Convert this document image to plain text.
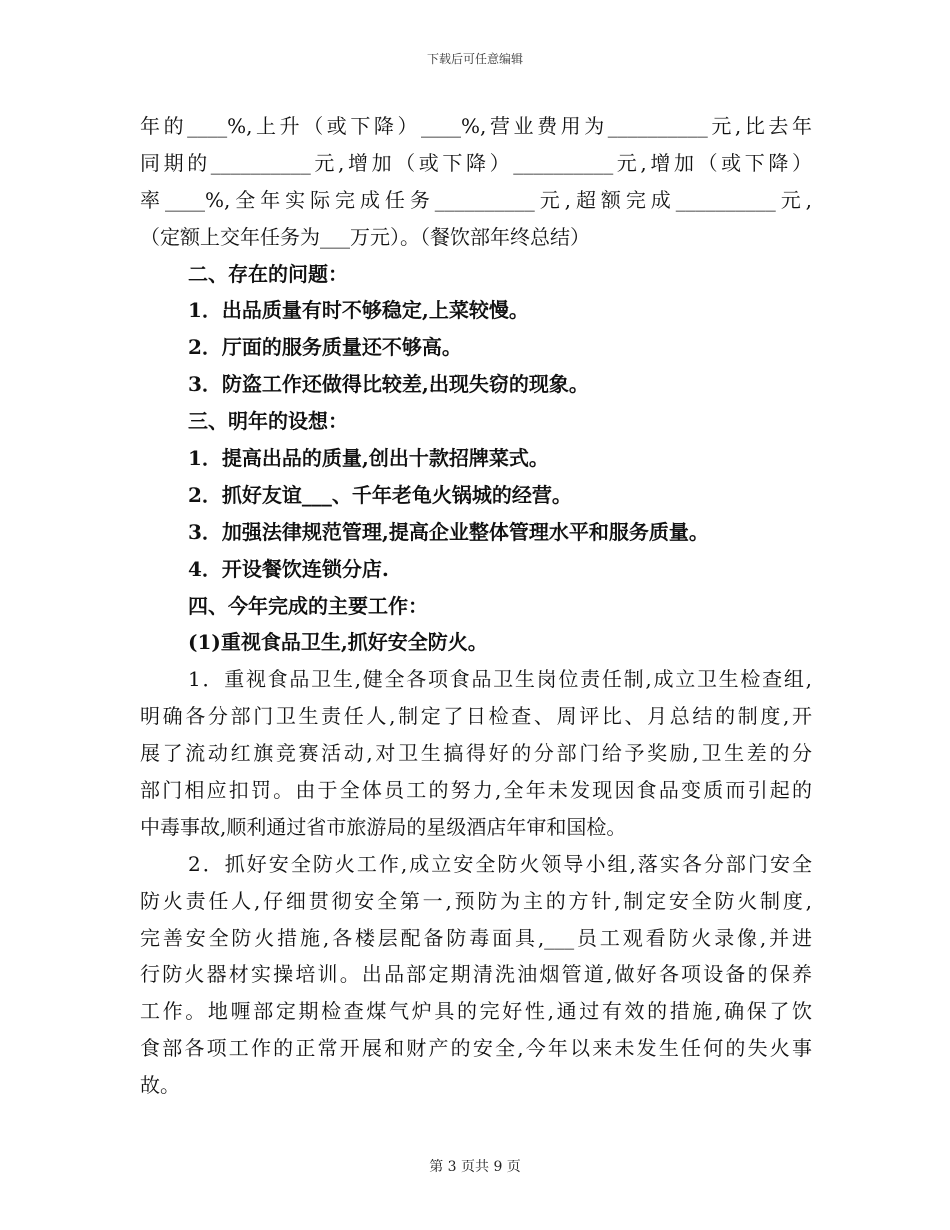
下载后可任意编辑
年的____%,上升（或下降）____%,营业费用为__________元,比去年
同期的__________元,增加（或下降）__________元,增加（或下降）
率____%,全年实际完成任务__________元,超额完成__________元,
（定额上交年任务为___万元）。（餐饮部年终总结）
二、存在的问题：
1．出品质量有时不够稳定,上菜较慢。
2．厅面的服务质量还不够高。
3．防盗工作还做得比较差,出现失窃的现象。
三、明年的设想：
1．提高出品的质量,创出十款招牌菜式。
2．抓好友谊___、千年老龟火锅城的经营。
3．加强法律规范管理,提高企业整体管理水平和服务质量。
4．开设餐饮连锁分店.
四、今年完成的主要工作：
(1)重视食品卫生,抓好安全防火。
1．重视食品卫生,健全各项食品卫生岗位责任制,成立卫生检查组,
明确各分部门卫生责任人,制定了日检查、周评比、月总结的制度,开
展了流动红旗竞赛活动,对卫生搞得好的分部门给予奖励,卫生差的分
部门相应扣罚。由于全体员工的努力,全年未发现因食品变质而引起的
中毒事故,顺利通过省市旅游局的星级酒店年审和国检。
2．抓好安全防火工作,成立安全防火领导小组,落实各分部门安全
防火责任人,仔细贯彻安全第一,预防为主的方针,制定安全防火制度,
完善安全防火措施,各楼层配备防毒面具,___员工观看防火录像,并进
行防火器材实操培训。出品部定期清洗油烟管道,做好各项设备的保养
工作。地喱部定期检查煤气炉具的完好性,通过有效的措施,确保了饮
食部各项工作的正常开展和财产的安全,今年以来未发生任何的失火事
故。
第 3 页共 9 页
